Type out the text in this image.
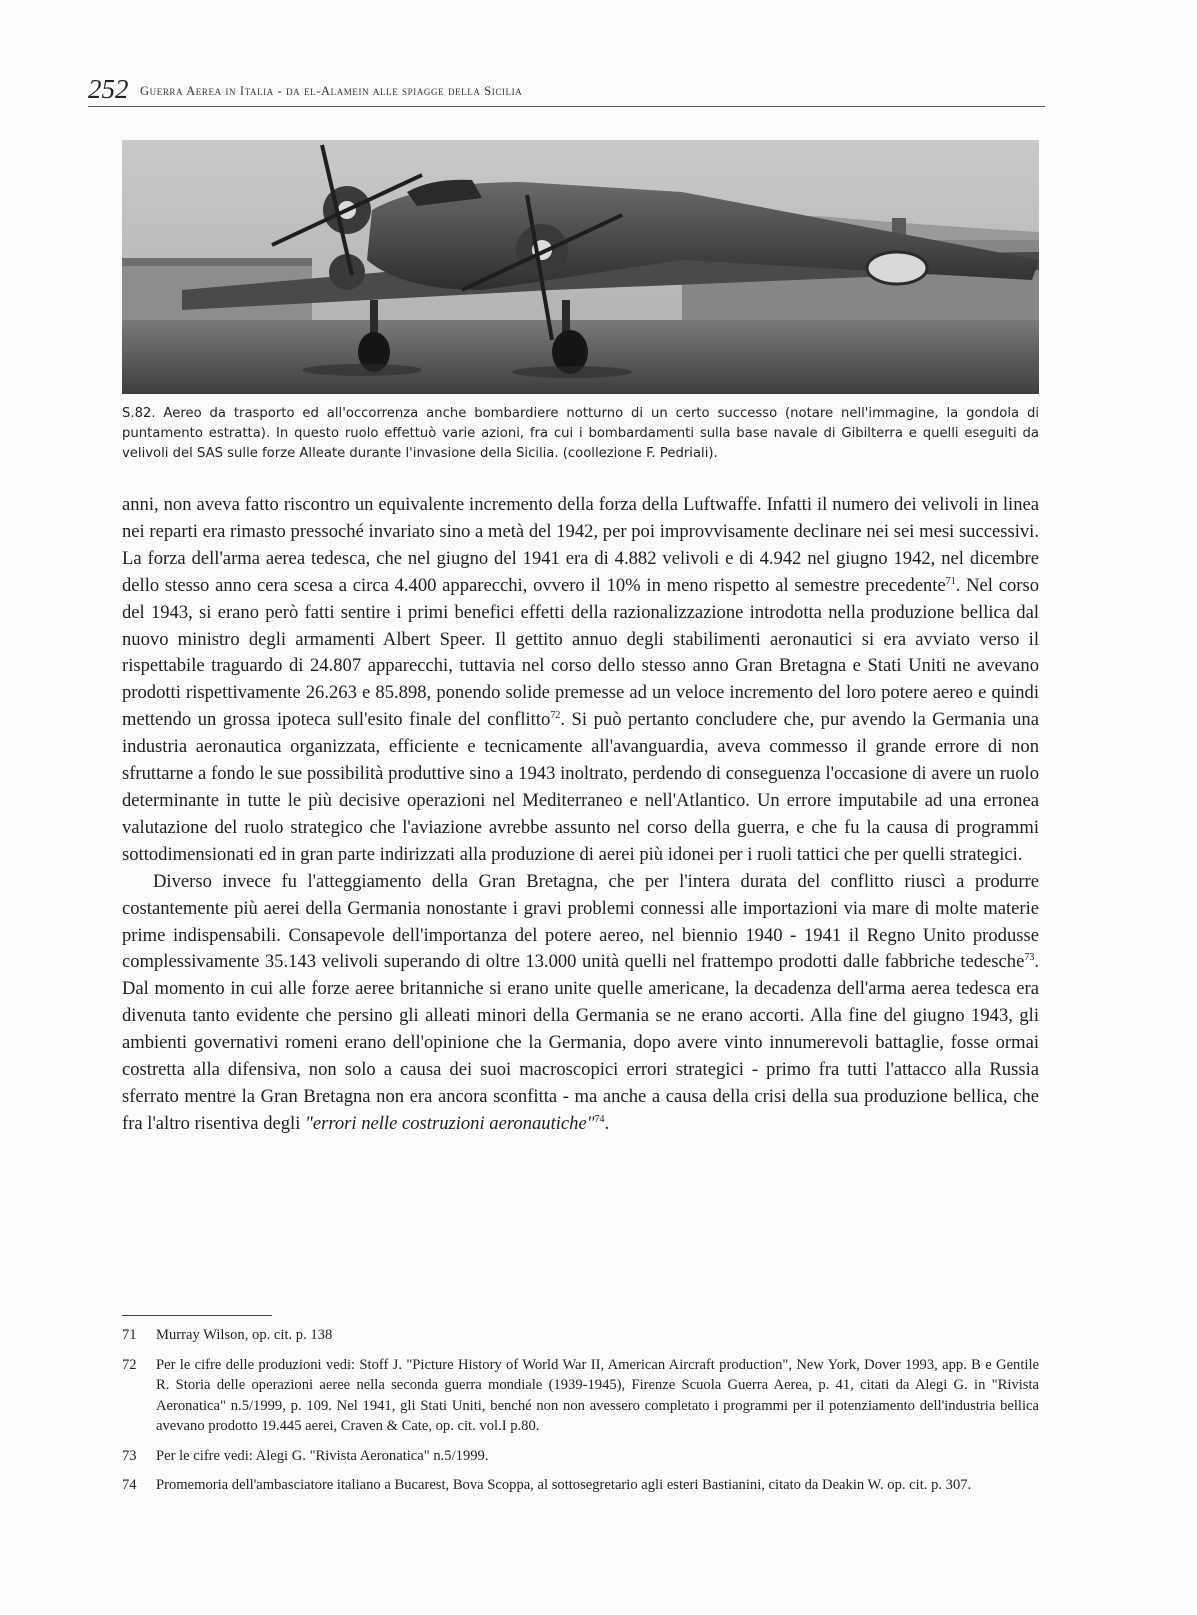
252 Guerra Aerea in Italia - da el-Alamein alle spiagge della Sicilia
S.82. Aereo da trasporto ed all'occorrenza anche bombardiere notturno di un certo successo (notare nell'immagine, la gondola di puntamento estratta). In questo ruolo effettuò varie azioni, fra cui i bombardamenti sulla base navale di Gibilterra e quelli eseguiti da velivoli del SAS sulle forze Alleate durante l'invasione della Sicilia. (coollezione F. Pedriali).

anni, non aveva fatto riscontro un equivalente incremento della forza della Luftwaffe. Infatti il numero dei velivoli in linea nei reparti era rimasto pressoché invariato sino a metà del 1942, per poi improvvisamente declinare nei sei mesi successivi. La forza dell'arma aerea tedesca, che nel giugno del 1941 era di 4.882 velivoli e di 4.942 nel giugno 1942, nel dicembre dello stesso anno cera scesa a circa 4.400 apparecchi, ovvero il 10% in meno rispetto al semestre precedente$^{71}$. Nel corso del 1943, si erano però fatti sentire i primi benefici effetti della razionalizzazione introdotta nella produzione bellica dal nuovo ministro degli armamenti Albert Speer. Il gettito annuo degli stabilimenti aeronautici si era avviato verso il rispettabile traguardo di 24.807 apparecchi, tuttavia nel corso dello stesso anno Gran Bretagna e Stati Uniti ne avevano prodotti rispettivamente 26.263 e 85.898, ponendo solide premesse ad un veloce incremento del loro potere aereo e quindi mettendo un grossa ipoteca sull'esito finale del conflitto$^{72}$. Si può pertanto concludere che, pur avendo la Germania una industria aeronautica organizzata, efficiente e tecnicamente all'avanguardia, aveva commesso il grande errore di non sfruttarne a fondo le sue possibilità produttive sino a 1943 inoltrato, perdendo di conseguenza l'occasione di avere un ruolo determinante in tutte le più decisive operazioni nel Mediterraneo e nell'Atlantico. Un errore imputabile ad una erronea valutazione del ruolo strategico che l'aviazione avrebbe assunto nel corso della guerra, e che fu la causa di programmi sottodimensionati ed in gran parte indirizzati alla produzione di aerei più idonei per i ruoli tattici che per quelli strategici.

Diverso invece fu l'atteggiamento della Gran Bretagna, che per l'intera durata del conflitto riuscì a produrre costantemente più aerei della Germania nonostante i gravi problemi connessi alle importazioni via mare di molte materie prime indispensabili. Consapevole dell'importanza del potere aereo, nel biennio 1940 - 1941 il Regno Unito produsse complessivamente 35.143 velivoli superando di oltre 13.000 unità quelli nel frattempo prodotti dalle fabbriche tedesche$^{73}$. Dal momento in cui alle forze aeree britanniche si erano unite quelle americane, la decadenza dell'arma aerea tedesca era divenuta tanto evidente che persino gli alleati minori della Germania se ne erano accorti. Alla fine del giugno 1943, gli ambienti governativi romeni erano dell'opinione che la Germania, dopo avere vinto innumerevoli battaglie, fosse ormai costretta alla difensiva, non solo a causa dei suoi macroscopici errori strategici - primo fra tutti l'attacco alla Russia sferrato mentre la Gran Bretagna non era ancora sconfitta - ma anche a causa della crisi della sua produzione bellica, che fra l'altro risentiva degli "errori nelle costruzioni aeronautiche"$^{74}$.

71	Murray Wilson, op. cit. p. 138
72	Per le cifre delle produzioni vedi: Stoff J. "Picture History of World War II, American Aircraft production", New York, Dover 1993, app. B e Gentile R. Storia delle operazioni aeree nella seconda guerra mondiale (1939-1945), Firenze Scuola Guerra Aerea, p. 41, citati da Alegi G. in "Rivista Aeronatica" n.5/1999, p. 109. Nel 1941, gli Stati Uniti, benché non non avessero completato i programmi per il potenziamento dell'industria bellica avevano prodotto 19.445 aerei, Craven & Cate, op. cit. vol.I p.80.
73	Per le cifre vedi: Alegi G. "Rivista Aeronatica" n.5/1999.
74	Promemoria dell'ambasciatore italiano a Bucarest, Bova Scoppa, al sottosegretario agli esteri Bastianini, citato da Deakin W. op. cit. p. 307.
